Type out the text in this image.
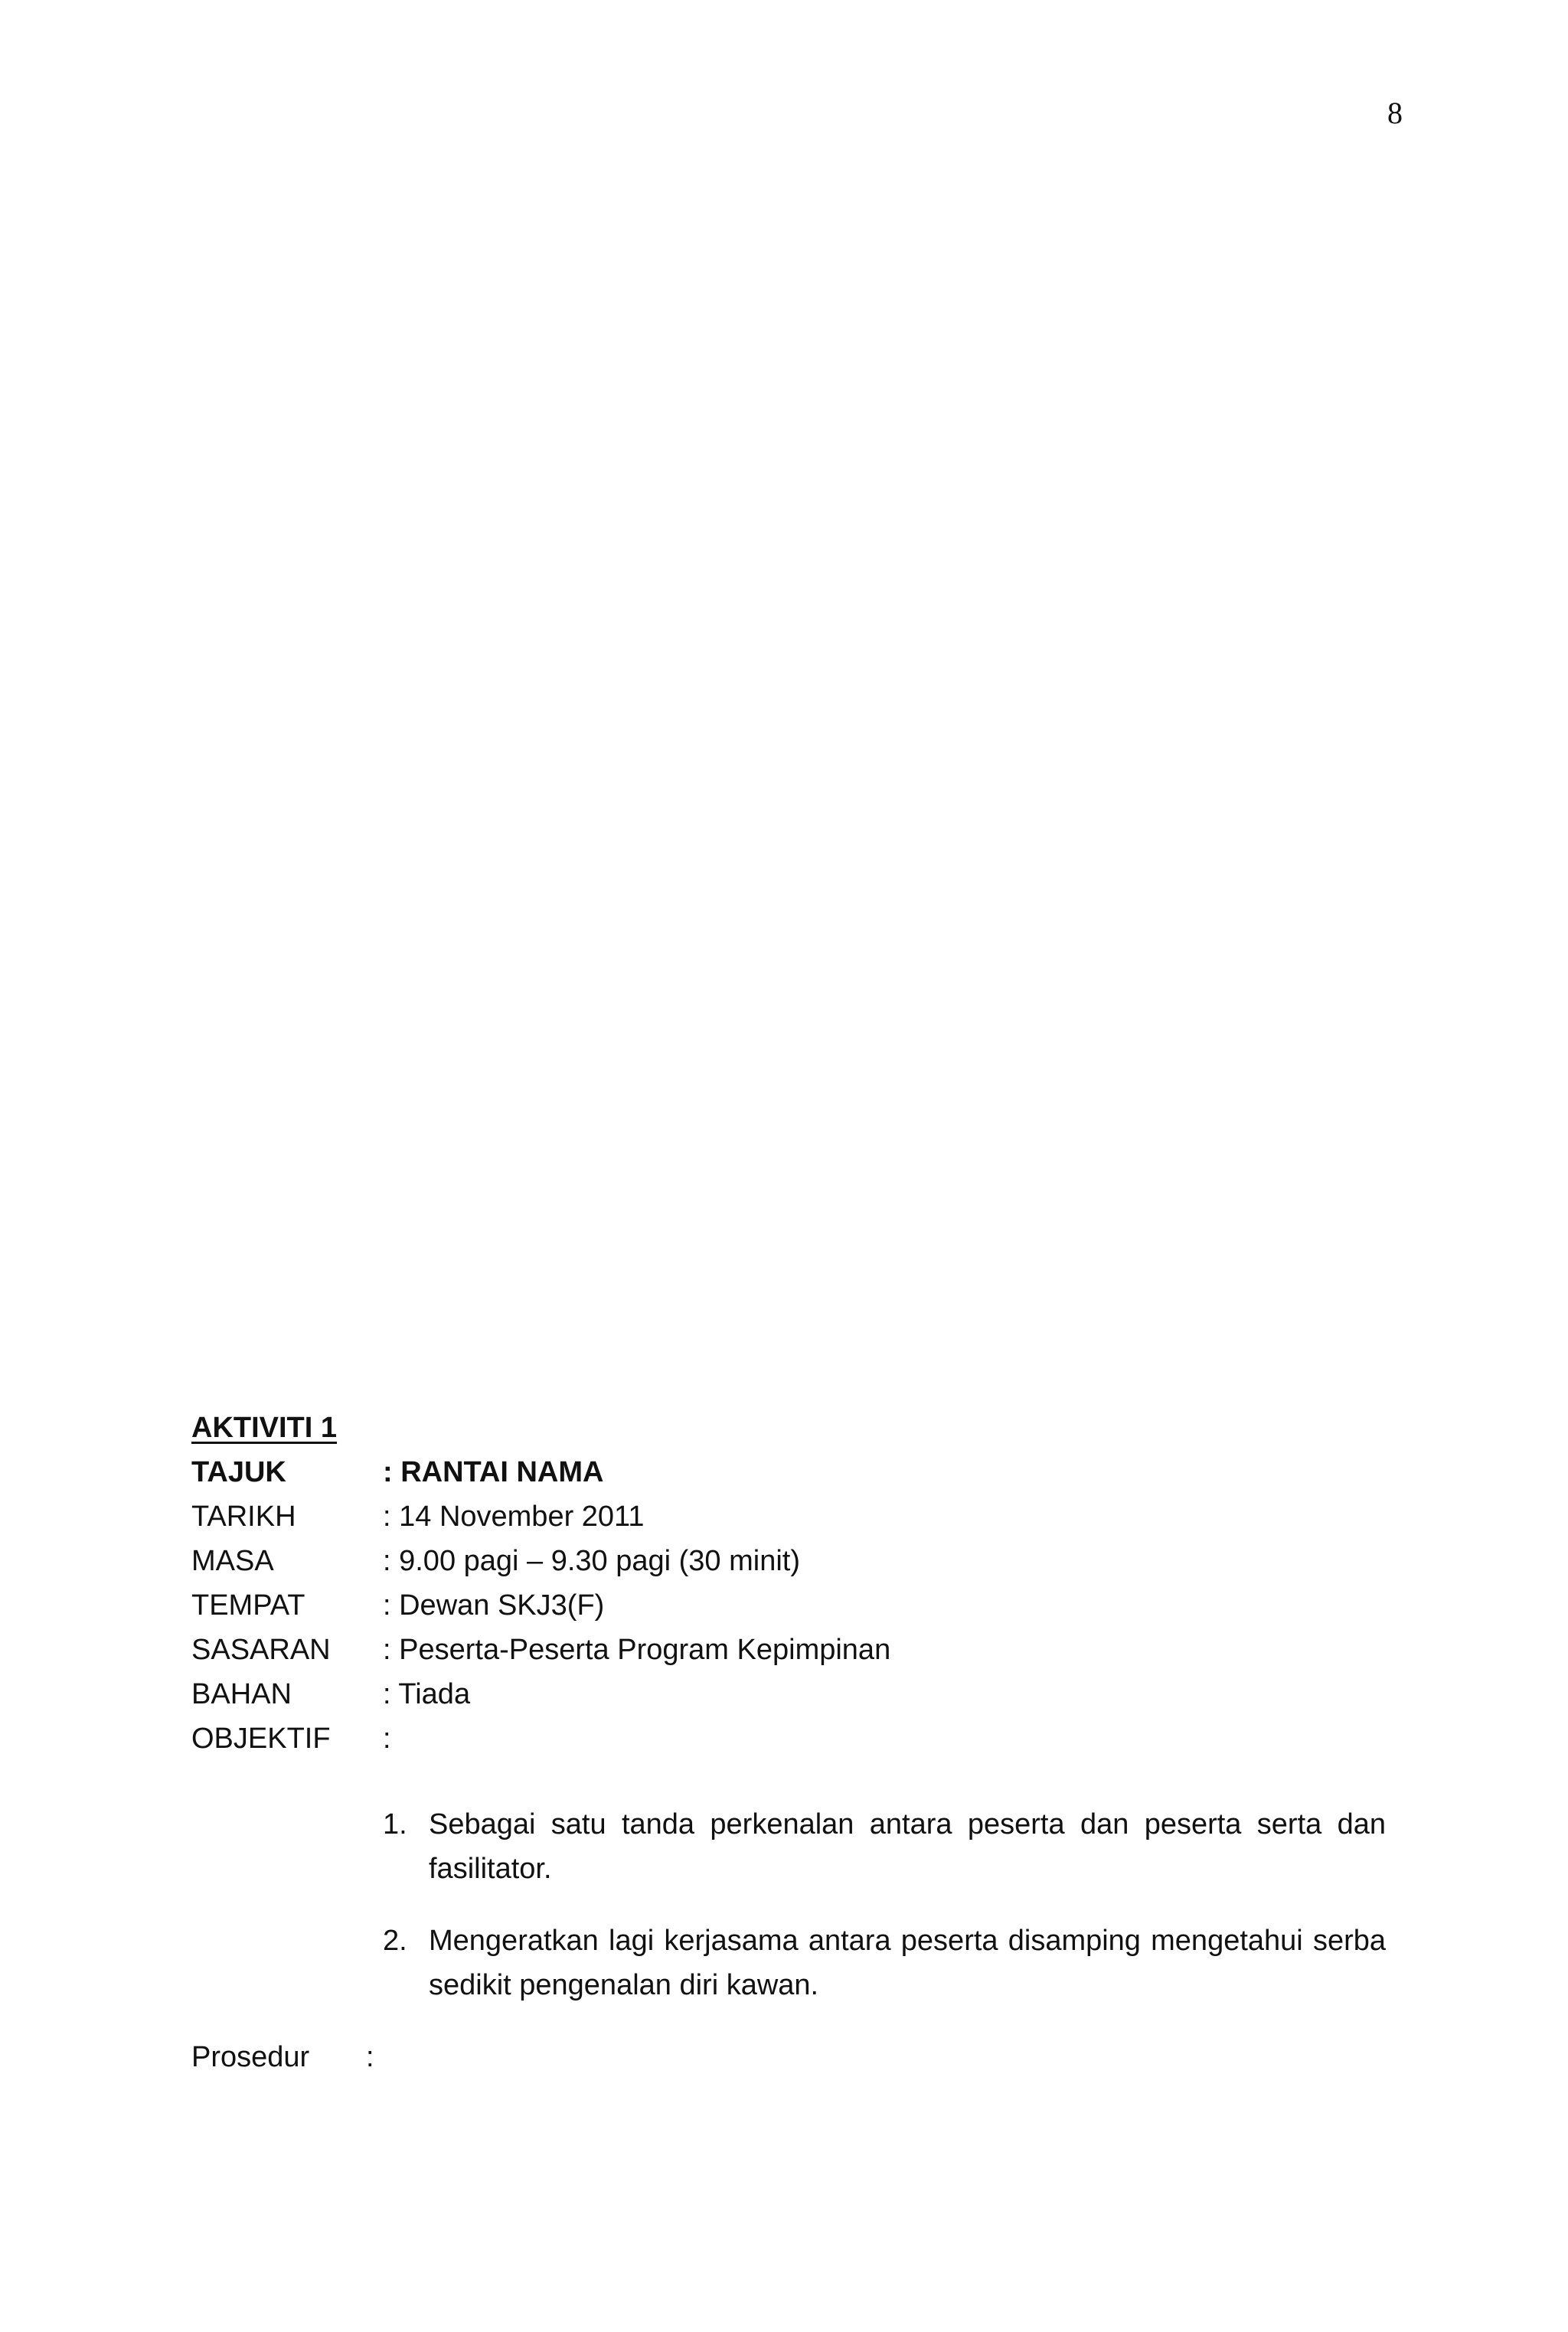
8
AKTIVITI 1
TAJUK	: RANTAI NAMA
TARIKH	: 14 November 2011
MASA	: 9.00 pagi – 9.30 pagi (30 minit)
TEMPAT	: Dewan SKJ3(F)
SASARAN	: Peserta-Peserta Program Kepimpinan
BAHAN	: Tiada
OBJEKTIF	:
1. Sebagai satu tanda perkenalan antara peserta dan peserta serta dan fasilitator.
2. Mengeratkan lagi kerjasama antara peserta disamping mengetahui serba sedikit pengenalan diri kawan.
Prosedur	:
